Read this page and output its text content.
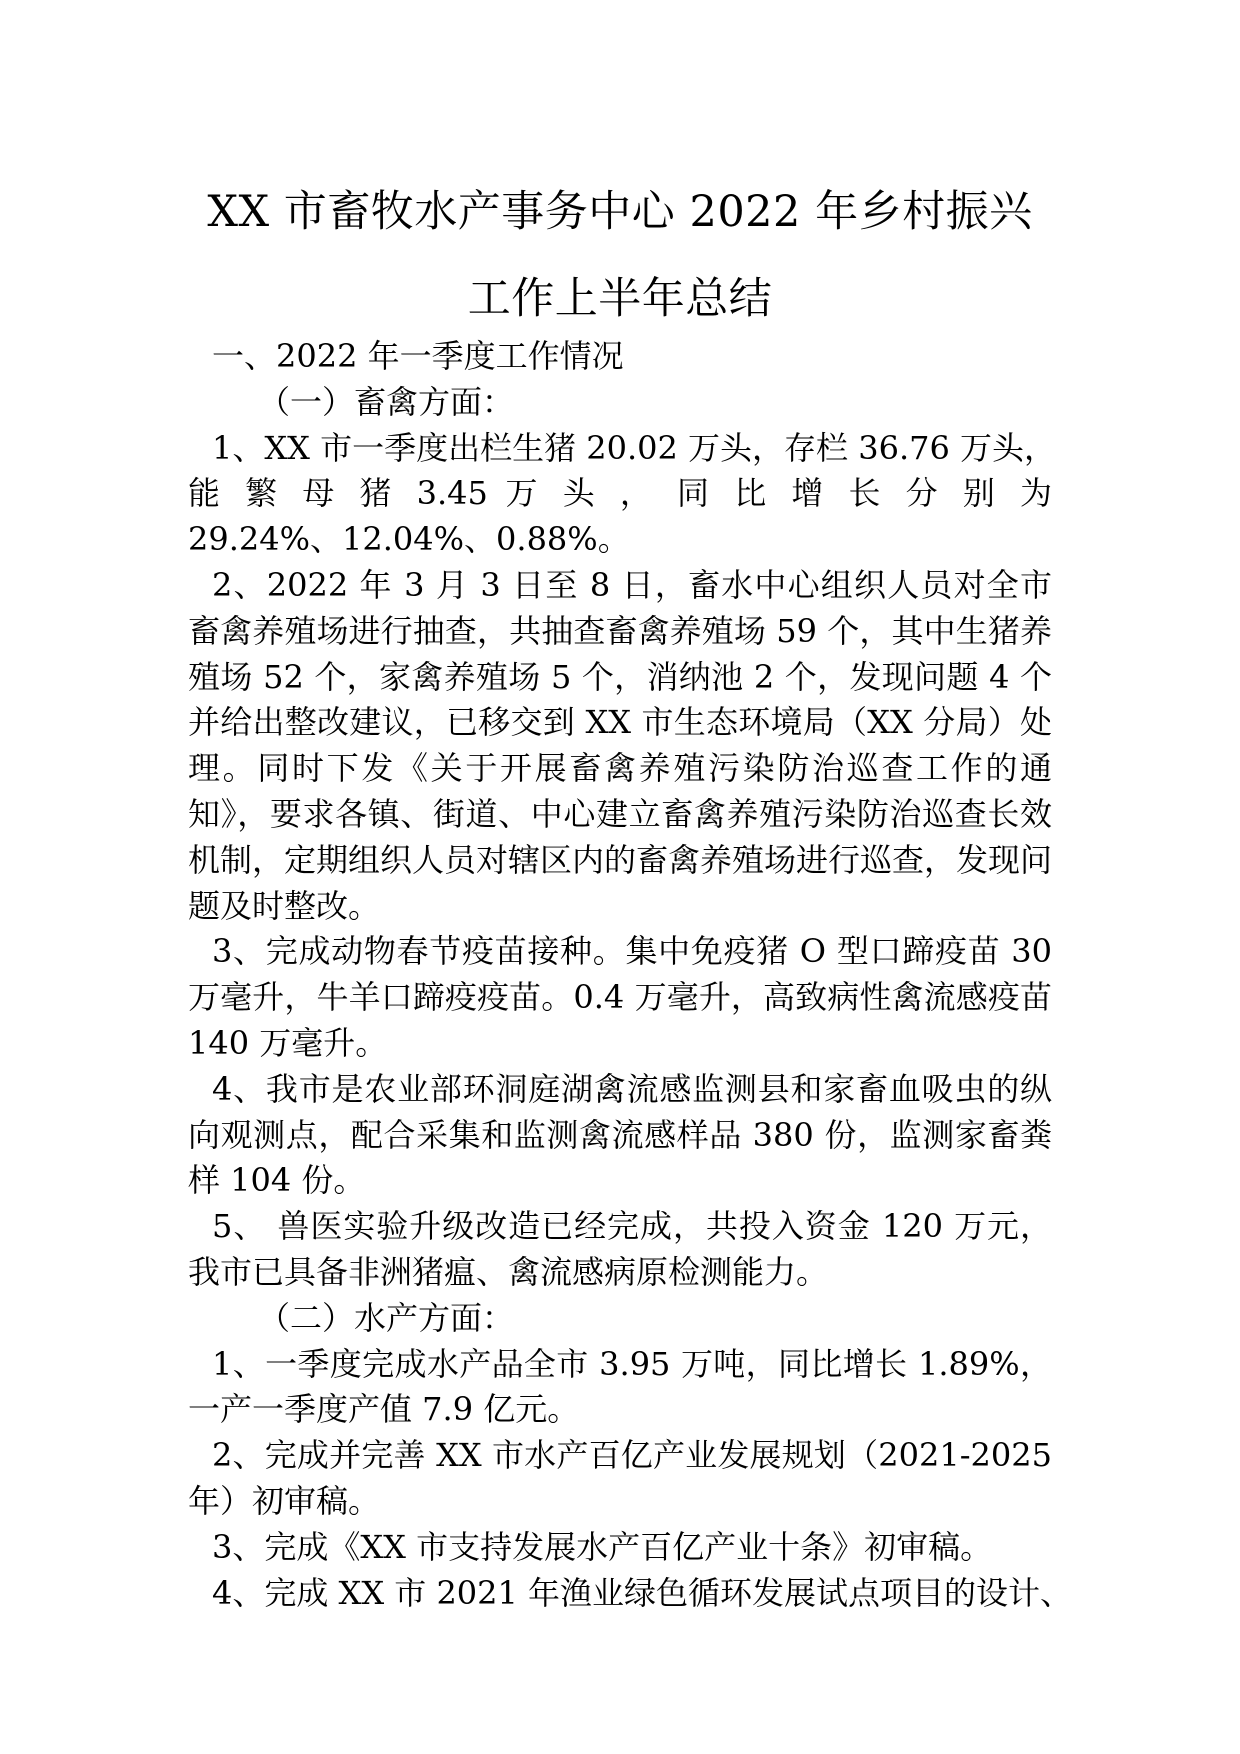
XX 市畜牧水产事务中心 2022 年乡村振兴
工作上半年总结

一、2022 年一季度工作情况

（一）畜禽方面：

1、XX 市一季度出栏生猪 20.02 万头，存栏 36.76 万头，

能 繁 母 猪 3.45 万 头 ， 同 比 增 长 分 别 为

29.24%、12.04%、0.88%。

2、2022 年 3 月 3 日至 8 日，畜水中心组织人员对全市畜禽养殖场进行抽查，共抽查畜禽养殖场 59 个，其中生猪养殖场 52 个，家禽养殖场 5 个，消纳池 2 个，发现问题 4 个并给出整改建议，已移交到 XX 市生态环境局（XX 分局）处理。同时下发《关于开展畜禽养殖污染防治巡查工作的通知》，要求各镇、街道、中心建立畜禽养殖污染防治巡查长效机制，定期组织人员对辖区内的畜禽养殖场进行巡查，发现问题及时整改。

3、完成动物春节疫苗接种。集中免疫猪 O 型口蹄疫苗 30 万毫升，牛羊口蹄疫疫苗。0.4 万毫升，高致病性禽流感疫苗 140 万毫升。

4、我市是农业部环洞庭湖禽流感监测县和家畜血吸虫的纵向观测点，配合采集和监测禽流感样品 380 份，监测家畜粪样 104 份。

5、 兽医实验升级改造已经完成，共投入资金 120 万元，我市已具备非洲猪瘟、禽流感病原检测能力。

（二）水产方面：

1、一季度完成水产品全市 3.95 万吨，同比增长 1.89%，一产一季度产值 7.9 亿元。

2、完成并完善 XX 市水产百亿产业发展规划（2021-2025 年）初审稿。

3、完成《XX 市支持发展水产百亿产业十条》初审稿。

4、完成 XX 市 2021 年渔业绿色循环发展试点项目的设计、
